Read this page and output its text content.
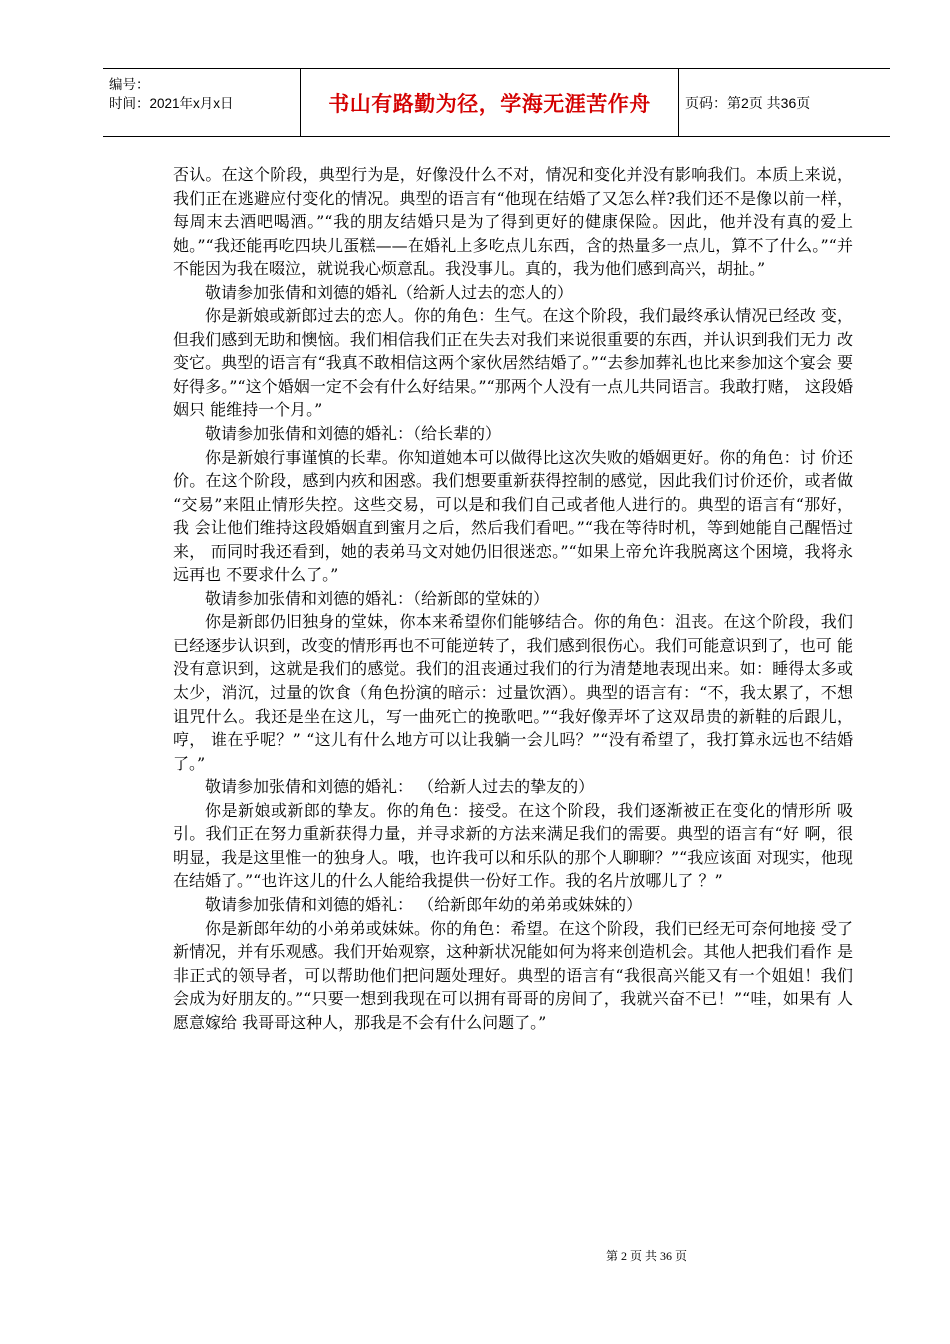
编号：
时间：2021年x月x日	书山有路勤为径，学海无涯苦作舟 页码：第2页 共36页

否认。在这个阶段，典型行为是，好像没什么不对，情况和变化并没有影响我们。本质上来说，我们正在逃避应付变化的情况。典型的语言有“他现在结婚了又怎么样?我们还不是像以前一样， 每周末去酒吧喝酒。”“我的朋友结婚只是为了得到更好的健康保险。因此，他并没有真的爱上她。”“我还能再吃四块儿蛋糕——在婚礼上多吃点儿东西，含的热量多一点儿，算不了什么。”“并不能因为我在啜泣，就说我心烦意乱。我没事儿。真的，我为他们感到高兴，胡扯。”

敬请参加张倩和刘德的婚礼（给新人过去的恋人的）

你是新娘或新郎过去的恋人。你的角色：生气。在这个阶段，我们最终承认情况已经改 变，但我们感到无助和懊恼。我们相信我们正在失去对我们来说很重要的东西，并认识到我们无力 改变它。典型的语言有“我真不敢相信这两个家伙居然结婚了。”“去参加葬礼也比来参加这个宴会 要好得多。”“这个婚姻一定不会有什么好结果。”“那两个人没有一点儿共同语言。我敢打赌， 这段婚姻只 能维持一个月。”

敬请参加张倩和刘德的婚礼：（给长辈的）

你是新娘行事谨慎的长辈。你知道她本可以做得比这次失败的婚姻更好。你的角色：讨 价还价。在这个阶段，感到内疚和困惑。我们想要重新获得控制的感觉，因此我们讨价还价，或者做 “交易”来阻止情形失控。这些交易，可以是和我们自己或者他人进行的。典型的语言有“那好，我 会让他们维持这段婚姻直到蜜月之后，然后我们看吧。”“我在等待时机，等到她能自己醒悟过来， 而同时我还看到，她的表弟马文对她仍旧很迷恋。”“如果上帝允许我脱离这个困境，我将永远再也 不要求什么了。”

敬请参加张倩和刘德的婚礼：（给新郎的堂妹的）

你是新郎仍旧独身的堂妹，你本来希望你们能够结合。你的角色：沮丧。在这个阶段，我们已经逐步认识到，改变的情形再也不可能逆转了，我们感到很伤心。我们可能意识到了，也可 能没有意识到，这就是我们的感觉。我们的沮丧通过我们的行为清楚地表现出来。如：睡得太多或 太少，消沉，过量的饮食（角色扮演的暗示：过量饮酒）。典型的语言有：“不，我太累了，不想诅咒什么。我还是坐在这儿，写一曲死亡的挽歌吧。”“我好像弄坏了这双昂贵的新鞋的后跟儿，哼， 谁在乎呢？” “这儿有什么地方可以让我躺一会儿吗？”“没有希望了，我打算永远也不结婚了。”

敬请参加张倩和刘德的婚礼： （给新人过去的挚友的）

你是新娘或新郎的挚友。你的角色：接受。在这个阶段，我们逐渐被正在变化的情形所 吸引。我们正在努力重新获得力量，并寻求新的方法来满足我们的需要。典型的语言有“好 啊，很明显，我是这里惟一的独身人。哦，也许我可以和乐队的那个人聊聊？”“我应该面 对现实，他现在结婚了。”“也许这儿的什么人能给我提供一份好工作。我的名片放哪儿了 ？”

敬请参加张倩和刘德的婚礼： （给新郎年幼的弟弟或妹妹的）

你是新郎年幼的小弟弟或妹妹。你的角色：希望。在这个阶段，我们已经无可奈何地接 受了新情况，并有乐观感。我们开始观察，这种新状况能如何为将来创造机会。其他人把我们看作 是非正式的领导者，可以帮助他们把问题处理好。典型的语言有“我很高兴能又有一个姐姐！我们会成为好朋友的。”“只要一想到我现在可以拥有哥哥的房间了，我就兴奋不已！”“哇，如果有 人愿意嫁给 我哥哥这种人，那我是不会有什么问题了。”

第 2 页 共 36 页
